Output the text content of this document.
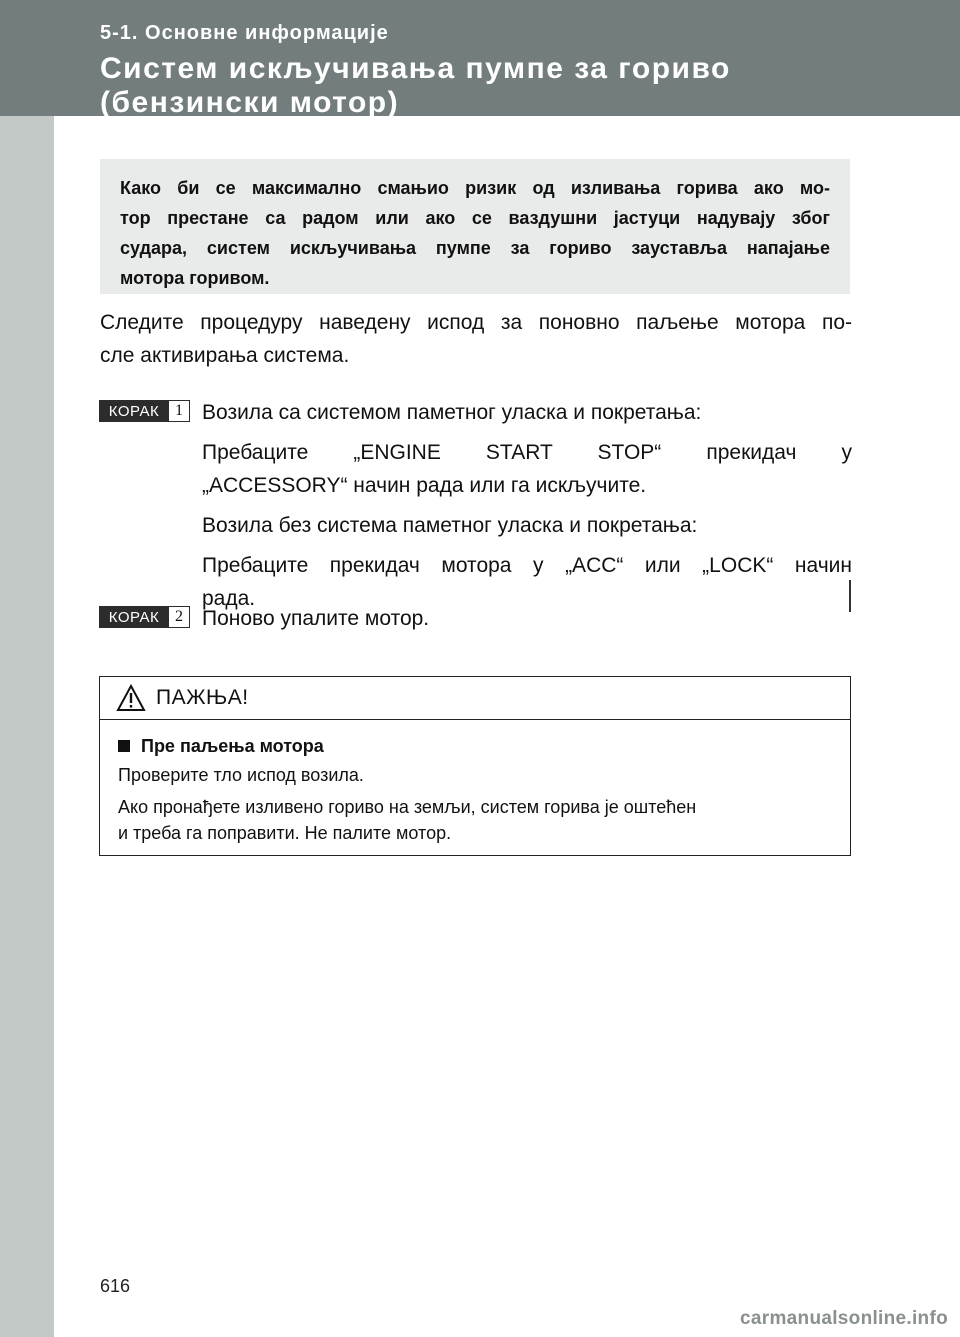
5-1. Основне информације
Систем искључивања пумпе за гориво
(бензински мотор)
Како би се максимално смањио ризик од изливања горива ако мо-
тор престане са радом или ако се ваздушни јастуци надувају због
судара, систем искључивања пумпе за гориво зауставља напајање
мотора горивом.
Следите процедуру наведену испод за поновно паљење мотора по-
сле активирања система.
КОРАК 1 Возила са системом паметног уласка и покретања:
Пребаците „ENGINE START STOP“ прекидач у
„ACCESSORY“ начин рада или га искључите.
Возила без система паметног уласка и покретања:
Пребаците прекидач мотора у „ACC“ или „LOCK“ начин
рада.
КОРАК 2 Поново упалите мотор.
ПАЖЊА!
Пре паљења мотора
Проверите тло испод возила.
Ако пронађете изливено гориво на земљи, систем горива је оштећен
и треба га поправити. Не палите мотор.
616
carmanualsonline.info
